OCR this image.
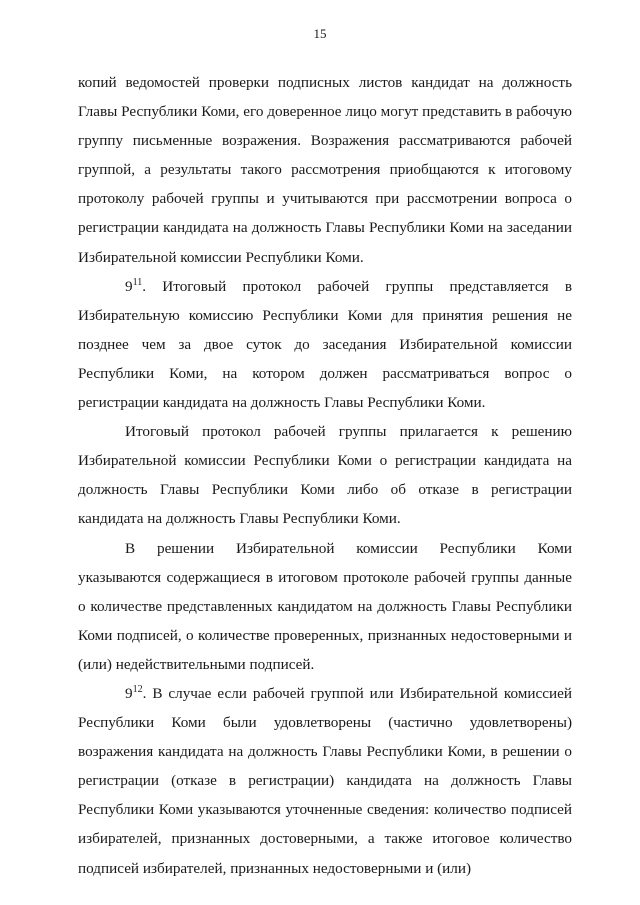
15

копий ведомостей проверки подписных листов кандидат на должность Главы Республики Коми, его доверенное лицо могут представить в рабочую группу письменные возражения. Возражения рассматриваются рабочей группой, а результаты такого рассмотрения приобщаются к итоговому протоколу рабочей группы и учитываются при рассмотрении вопроса о регистрации кандидата на должность Главы Республики Коми на заседании Избирательной комиссии Республики Коми.

$9^{11}$. Итоговый протокол рабочей группы представляется в Избирательную комиссию Республики Коми для принятия решения не позднее чем за двое суток до заседания Избирательной комиссии Республики Коми, на котором должен рассматриваться вопрос о регистрации кандидата на должность Главы Республики Коми.

Итоговый протокол рабочей группы прилагается к решению Избирательной комиссии Республики Коми о регистрации кандидата на должность Главы Республики Коми либо об отказе в регистрации кандидата на должность Главы Республики Коми.

В решении Избирательной комиссии Республики Коми

указываются содержащиеся в итоговом протоколе рабочей группы данные о количестве представленных кандидатом на должность Главы Республики Коми подписей, о количестве проверенных, признанных недостоверными и (или) недействительными подписей.

$9^{12}$. В случае если рабочей группой или Избирательной комиссией Республики Коми были удовлетворены (частично удовлетворены) возражения кандидата на должность Главы Республики Коми, в решении о регистрации (отказе в регистрации) кандидата на должность Главы Республики Коми указываются уточненные сведения: количество подписей избирателей, признанных достоверными, а также итоговое количество подписей избирателей, признанных недостоверными и (или)
